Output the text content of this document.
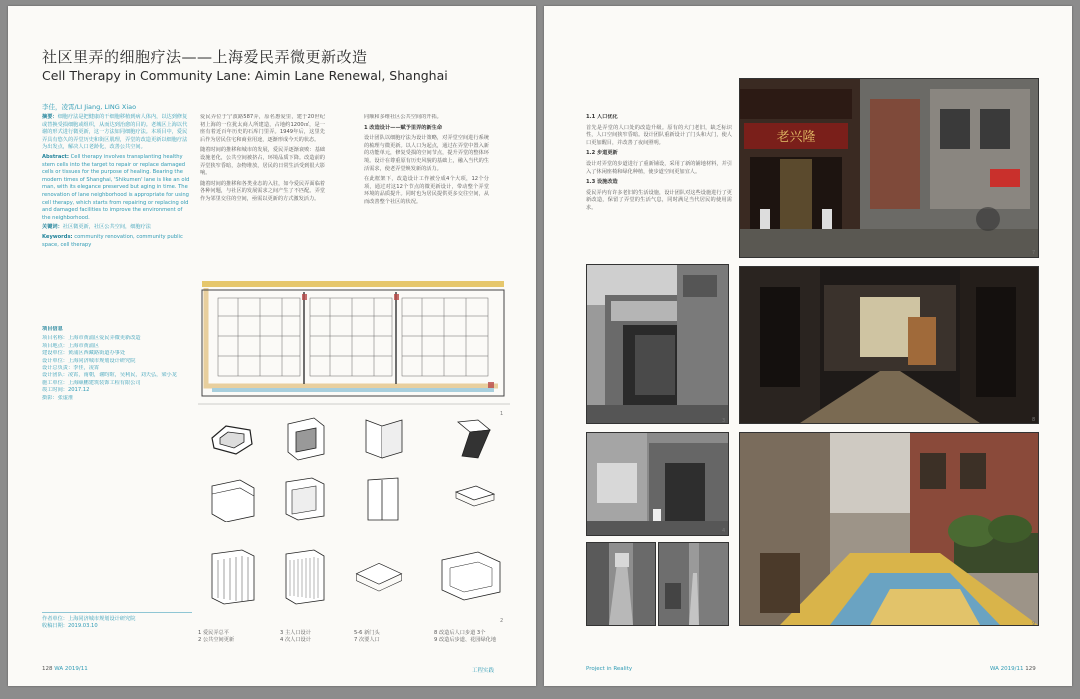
社区里弄的细胞疗法——上海爱民弄微更新改造
Cell Therapy in Community Lane: Aimin Lane Renewal, Shanghai
李佳，凌霄/LI Jiang, LING Xiao

摘要：细胞疗法是把健康的干细胞移植到病人体内，以达到修复或替换受损细胞或组织，从而达到治愈的目的。老城区上海以代谢的形式进行微更新，这一方法如同细胞疗法。本项目中，爱民弄具有悠久的弄堂历史和街区肌理，弄堂的改造更新以细胞疗法为出发点，解决人口老龄化，改善公共空间。

Abstract: Cell therapy involves transplanting healthy stem cells into the target to repair or replace damaged cells or tissues for the purpose of healing. Bearing the modern times of Shanghai, 'Shikumen' lane is like an old man, with its elegance preserved but aging in time. The renovation of lane neighborhood is appropriate for using cell therapy, which starts from repairing or replacing old and damaged facilities to improve the environment of the neighborhood.

关键词：社区微更新，社区公共空间，细胞疗法

Keywords: community renovation, community public space, cell therapy

项目信息
项目名称：上海市黄浦区爱民弄微更新改造
项目地点：上海市黄浦区
建设单位：黄浦区西藏路街道办事处
设计单位：上海同济城市规划设计研究院
设计总负责：李佳，凌霄
设计团队：凌霄，南朝，谢昀暄，吴利民，刘天弘，梁小龙
施工单位：上海颐鹏建筑装饰工程有限公司
竣工时间：2017.12
摄影：张虚淮
作者单位：上海同济城市规划设计研究院
收稿日期：2019.03.10

爱民弄位于宁波路587弄，原名惠爱里，建于20世纪初上海的一位犹太商人所建造，占地约1200㎡，是一座有着近百年历史的石库门里弄。1949年后，这里先后作为居民住宅和商业用途，逐渐形成今天的状态。

随着时间的推移和城市的发展，爱民弄逐渐衰败：基础设施老化，公共空间被挤占，环境品质下降。改造前的弄堂狭窄昏暗，杂物堆放，居民的日常生活受到很大影响。

随着时间的推移和各类业态的入驻，如今爱民弄面临着各种问题，与社区的发展需求之间产生了不匹配。弄堂作为邻里交往的空间，亟需以更新的方式激发活力。

同顺和多维社区公共空间的开拓。

1 改造设计——赋予里弄的新生命

设计团队以细胞疗法为设计策略，对弄堂空间进行系统的梳理与微更新。以人口为起点，通过在弄堂中置入新的功能单元，修复受损的空间节点，提升弄堂的整体环境。设计在尊重原有历史风貌的基础上，融入当代的生活需求，使老弄堂焕发新的活力。

在此框架下，改造设计工作被分成4个大项，12个分项，通过对这12个节点的微更新设计，带动整个弄堂环境的品质提升。同时也为居民提供更多交往空间，从而改善整个社区的状况。

1
2
1 爱民弄总平
2 公共空间更新
3 主人口设计
4 次人口设计
5-6 新门头
7 次要人口
8 改造后人口步道 3个
9 改造后步道、花园绿化地
128 WA 2019/11	工程实践

1.1 人口优化

首先是弄堂的人口处的改造升级。原有的大门老旧，缺乏标识性，人口空间狭窄昏暗。设计团队重新设计了门头和大门，使人口更加醒目，并改善了夜间照明。

1.2 步道更新

设计对弄堂的步道进行了重新铺设，采用了新的铺地材料，并引入了休闲座椅和绿化种植，使步道空间更加宜人。

1.3 设施改造

爱民弄内有许多老旧的生活设施，设计团队对这些设施进行了更新改造，保留了弄堂的生活气息，同时满足当代居民的使用需求。

老兴隆
7
3	8
4
9
5	6
Project in Reality	WA 2019/11 129
